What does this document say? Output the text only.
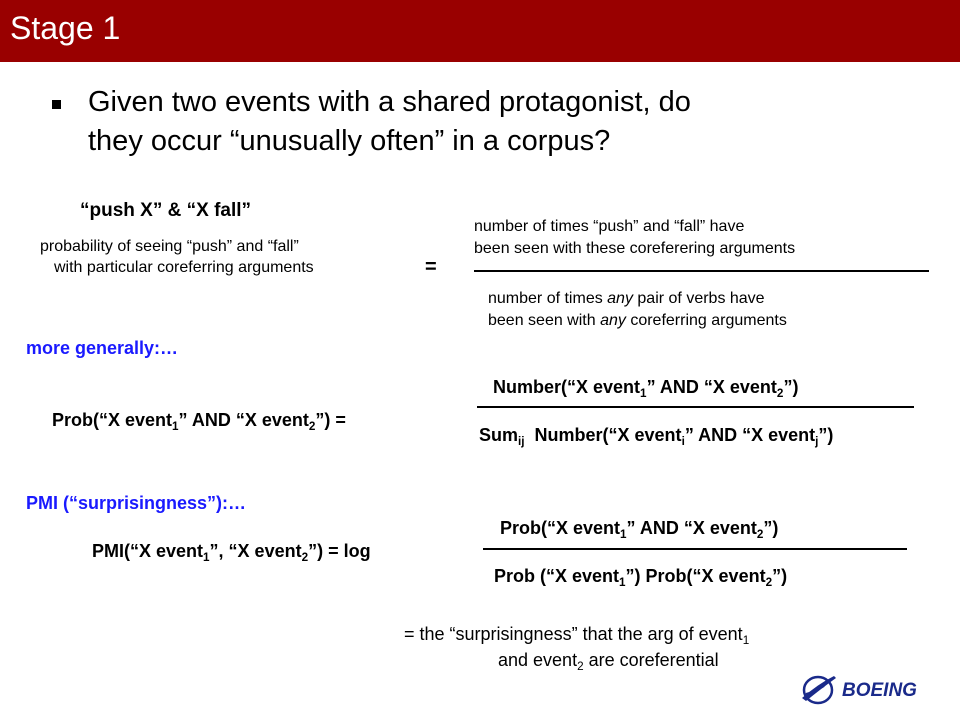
Stage 1
Given two events with a shared protagonist, do
they occur “unusually often” in a corpus?
“push X” & “X fall”
probability of seeing “push” and “fall”
with particular coreferring arguments	=
number of times “push” and “fall” have
been seen with these coreferering arguments
number of times any pair of verbs have
been seen with any coreferring arguments
more generally:…
Number(“X event$_1$” AND “X event$_2$”)
Prob(“X event$_1$” AND “X event$_2$”) =
Sum$_{ij}$  Number(“X event$_i$” AND “X event$_j$”)
PMI (“surprisingness”):…
Prob(“X event$_1$” AND “X event$_2$”)
PMI(“X event$_1$”, “X event$_2$”) = log
Prob (“X event$_1$”) Prob(“X event$_2$”)
= the “surprisingness” that the arg of event$_1$
and event$_2$ are coreferential
BOEING
